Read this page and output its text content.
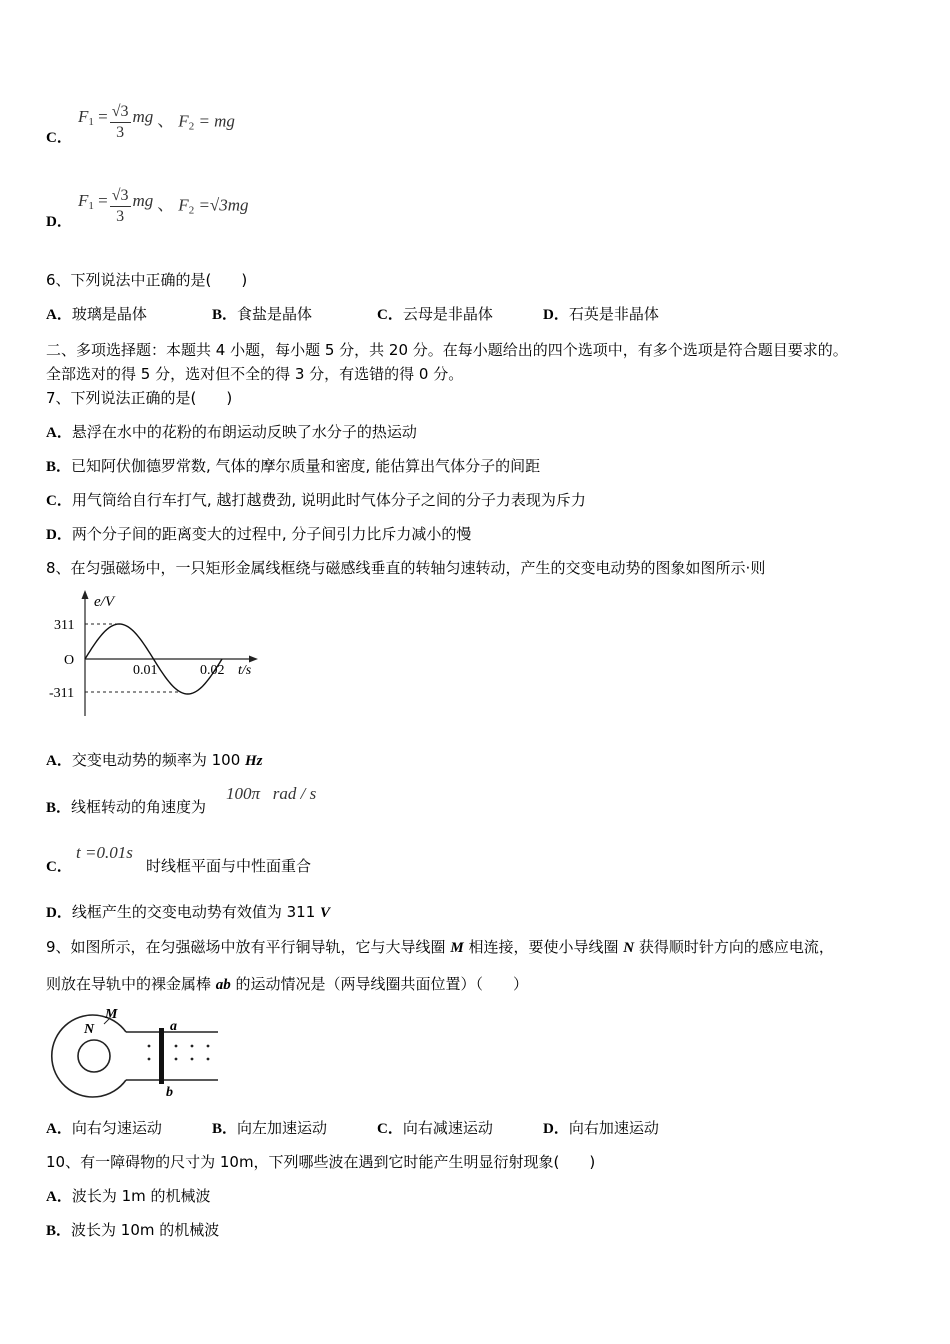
C．
$F_1 = \frac{√3}{3}$ mg 、 $F_2$ = mg
D．
$F_1 = \frac{√3}{3}$ mg 、 $F_2 =√3mg$
6、下列说法中正确的是(　　)
A．玻璃是晶体	B．食盐是晶体	C．云母是非晶体	D．石英是非晶体
二、多项选择题：本题共 4 小题，每小题 5 分，共 20 分。在每小题给出的四个选项中，有多个选项是符合题目要求的。
全部选对的得 5 分，选对但不全的得 3 分，有选错的得 0 分。
7、下列说法正确的是(　　)
A．悬浮在水中的花粉的布朗运动反映了水分子的热运动
B．已知阿伏伽德罗常数, 气体的摩尔质量和密度, 能估算出气体分子的间距
C．用气筒给自行车打气, 越打越费劲, 说明此时气体分子之间的分子力表现为斥力
D．两个分子间的距离变大的过程中, 分子间引力比斥力减小的慢
8、在匀强磁场中，一只矩形金属线框绕与磁感线垂直的转轴匀速转动，产生的交变电动势的图象如图所示·则
e/V
311
O
-311
0.01	0.02 t/s
A．交变电动势的频率为 100 Hz
B．线框转动的角速度为
100π   rad / s
C．
t =0.01s
时线框平面与中性面重合
D．线框产生的交变电动势有效值为 311 V
9、如图所示，在匀强磁场中放有平行铜导轨，它与大导线圈 M 相连接，要使小导线圈 N 获得顺时针方向的感应电流，
则放在导轨中的裸金属棒 ab 的运动情况是（两导线圈共面位置）（　　）
M
N	a
b
A．向右匀速运动	B．向左加速运动	C．向右减速运动	D．向右加速运动
10、有一障碍物的尺寸为 10m，下列哪些波在遇到它时能产生明显衍射现象(　　)
A．波长为 1m 的机械波
B．波长为 10m 的机械波
